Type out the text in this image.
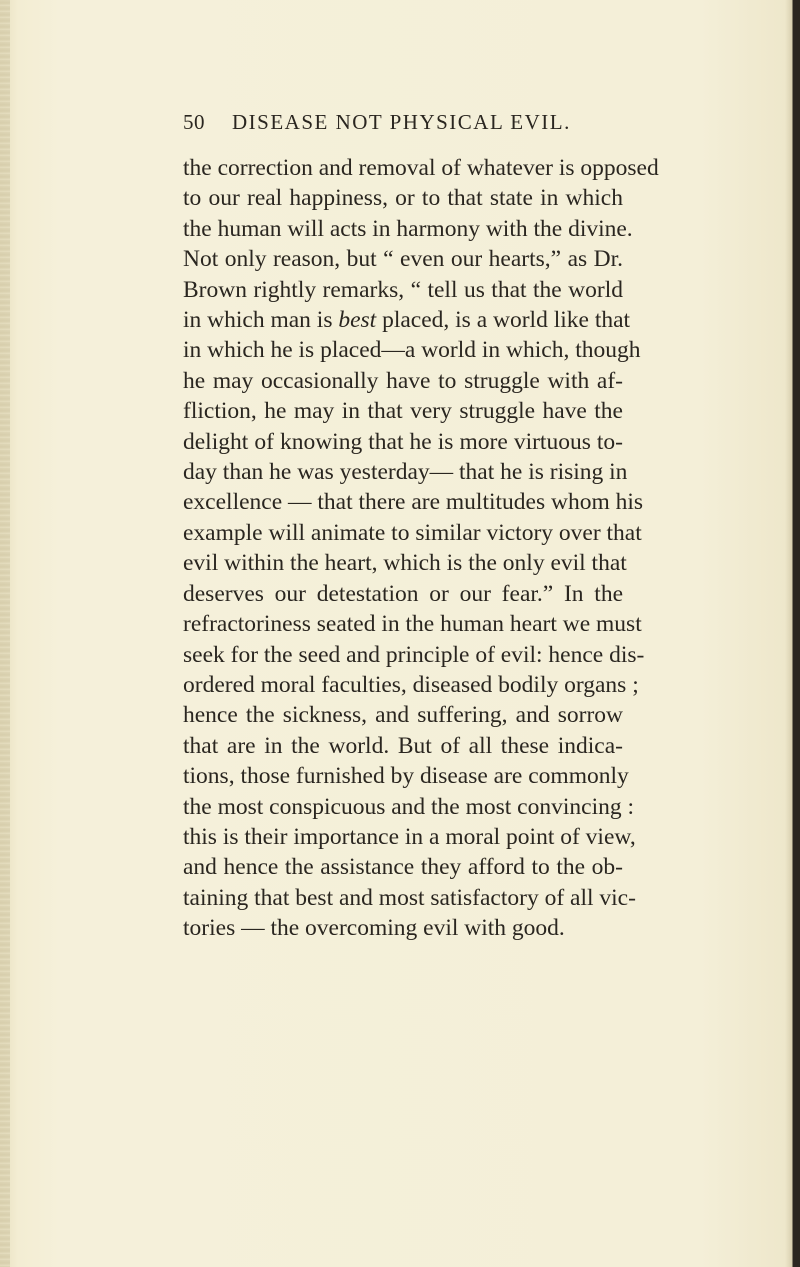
50 DISEASE NOT PHYSICAL EVIL.
the correction and removal of whatever is opposed
to our real happiness, or to that state in which
the human will acts in harmony with the divine.
Not only reason, but “ even our hearts,” as Dr.
Brown rightly remarks, “ tell us that the world
in which man is best placed, is a world like that
in which he is placed—a world in which, though
he may occasionally have to struggle with af-
fliction, he may in that very struggle have the
delight of knowing that he is more virtuous to-
day than he was yesterday— that he is rising in
excellence — that there are multitudes whom his
example will animate to similar victory over that
evil within the heart, which is the only evil that
deserves our detestation or our fear.” In the
refractoriness seated in the human heart we must
seek for the seed and principle of evil: hence dis-
ordered moral faculties, diseased bodily organs ;
hence the sickness, and suffering, and sorrow
that are in the world. But of all these indica-
tions, those furnished by disease are commonly
the most conspicuous and the most convincing :
this is their importance in a moral point of view,
and hence the assistance they afford to the ob-
taining that best and most satisfactory of all vic-
tories — the overcoming evil with good.
